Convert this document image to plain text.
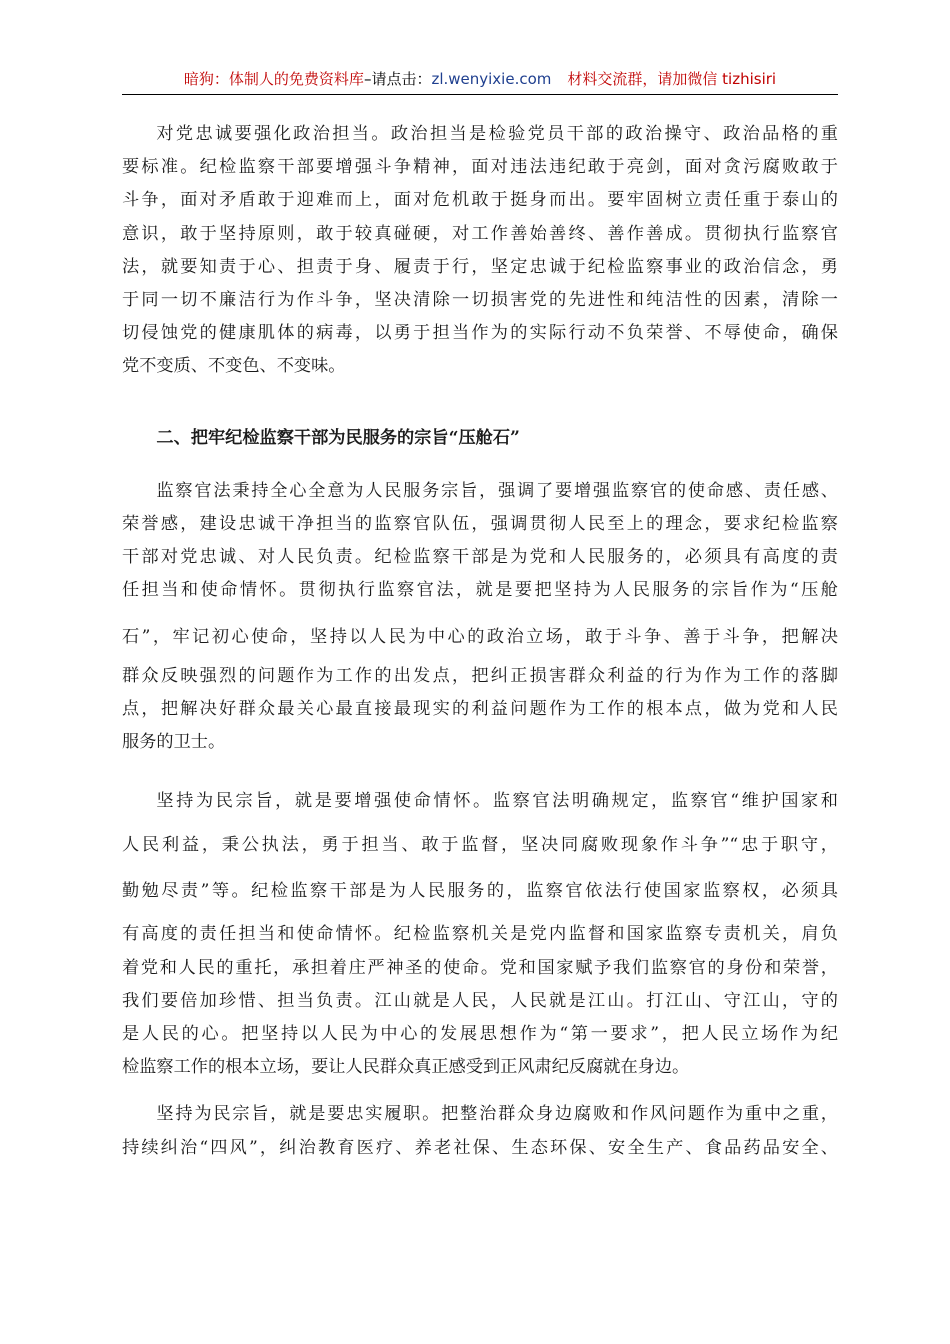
暗狗：体制人的免费资料库–请点击：zl.wenyixie.com 材料交流群，请加微信 tizhisiri
对党忠诚要强化政治担当。政治担当是检验党员干部的政治操守、政治品格的重
要标准。纪检监察干部要增强斗争精神，面对违法违纪敢于亮剑，面对贪污腐败敢于
斗争，面对矛盾敢于迎难而上，面对危机敢于挺身而出。要牢固树立责任重于泰山的
意识，敢于坚持原则，敢于较真碰硬，对工作善始善终、善作善成。贯彻执行监察官
法，就要知责于心、担责于身、履责于行，坚定忠诚于纪检监察事业的政治信念，勇
于同一切不廉洁行为作斗争，坚决清除一切损害党的先进性和纯洁性的因素，清除一
切侵蚀党的健康肌体的病毒，以勇于担当作为的实际行动不负荣誉、不辱使命，确保
党不变质、不变色、不变味。
二、把牢纪检监察干部为民服务的宗旨“压舱石”
监察官法秉持全心全意为人民服务宗旨，强调了要增强监察官的使命感、责任感、
荣誉感，建设忠诚干净担当的监察官队伍，强调贯彻人民至上的理念，要求纪检监察
干部对党忠诚、对人民负责。纪检监察干部是为党和人民服务的，必须具有高度的责
任担当和使命情怀。贯彻执行监察官法，就是要把坚持为人民服务的宗旨作为“压舱
石”，牢记初心使命，坚持以人民为中心的政治立场，敢于斗争、善于斗争，把解决
群众反映强烈的问题作为工作的出发点，把纠正损害群众利益的行为作为工作的落脚
点，把解决好群众最关心最直接最现实的利益问题作为工作的根本点，做为党和人民
服务的卫士。
坚持为民宗旨，就是要增强使命情怀。监察官法明确规定，监察官“维护国家和
人民利益，秉公执法，勇于担当、敢于监督，坚决同腐败现象作斗争”“忠于职守，
勤勉尽责”等。纪检监察干部是为人民服务的，监察官依法行使国家监察权，必须具
有高度的责任担当和使命情怀。纪检监察机关是党内监督和国家监察专责机关，肩负
着党和人民的重托，承担着庄严神圣的使命。党和国家赋予我们监察官的身份和荣誉，
我们要倍加珍惜、担当负责。江山就是人民，人民就是江山。打江山、守江山，守的
是人民的心。把坚持以人民为中心的发展思想作为“第一要求”，把人民立场作为纪
检监察工作的根本立场，要让人民群众真正感受到正风肃纪反腐就在身边。
坚持为民宗旨，就是要忠实履职。把整治群众身边腐败和作风问题作为重中之重，
持续纠治“四风”，纠治教育医疗、养老社保、生态环保、安全生产、食品药品安全、
